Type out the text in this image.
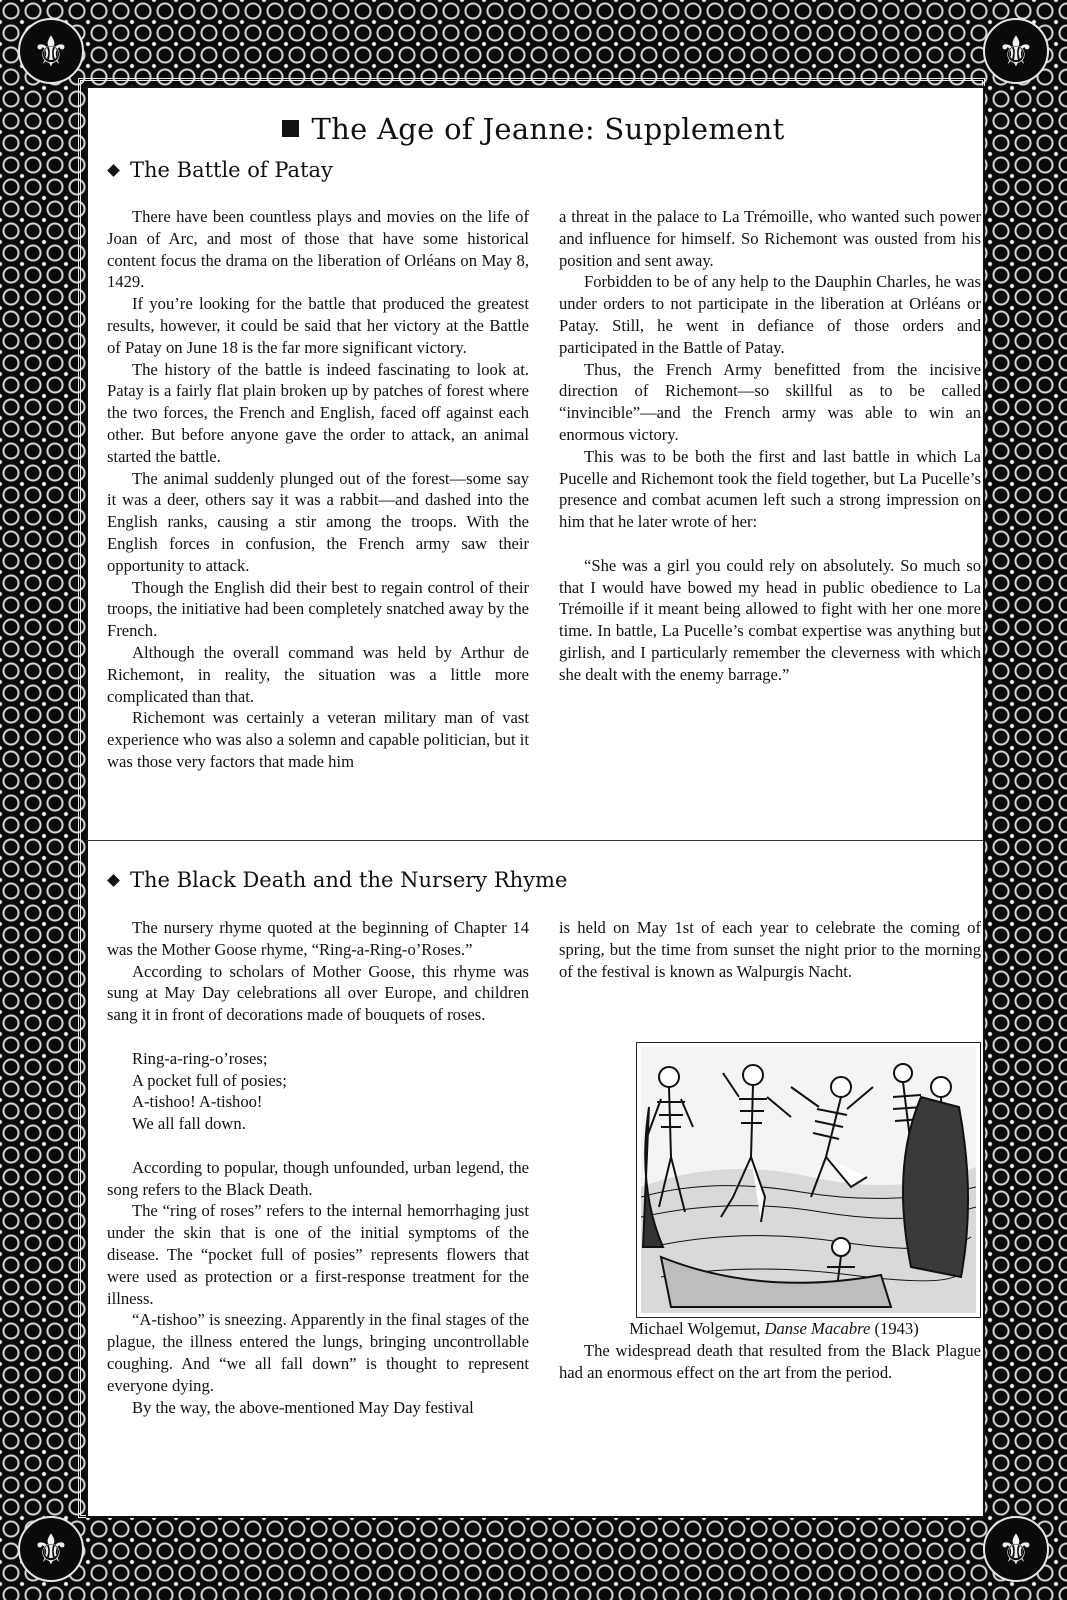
⚜	⚜
⚜	⚜
The Age of Jeanne: Supplement
The Battle of Patay

There have been countless plays and movies on the life of Joan of Arc, and most of those that have some historical content focus the drama on the liberation of Orléans on May 8, 1429.

If you’re looking for the battle that produced the greatest results, however, it could be said that her victory at the Battle of Patay on June 18 is the far more significant victory.

The history of the battle is indeed fascinating to look at. Patay is a fairly flat plain broken up by patches of forest where the two forces, the French and English, faced off against each other. But before anyone gave the order to attack, an animal started the battle.

The animal suddenly plunged out of the forest—some say it was a deer, others say it was a rabbit—and dashed into the English ranks, causing a stir among the troops. With the English forces in confusion, the French army saw their opportunity to attack.

Though the English did their best to regain control of their troops, the initiative had been completely snatched away by the French.

Although the overall command was held by Arthur de Richemont, in reality, the situation was a little more complicated than that.

Richemont was certainly a veteran military man of vast experience who was also a solemn and capable politician, but it was those very factors that made him

a threat in the palace to La Trémoille, who wanted such power and influence for himself. So Richemont was ousted from his position and sent away.

Forbidden to be of any help to the Dauphin Charles, he was under orders to not participate in the liberation at Orléans or Patay. Still, he went in defiance of those orders and participated in the Battle of Patay.

Thus, the French Army benefitted from the incisive direction of Richemont—so skillful as to be called “invincible”—and the French army was able to win an enormous victory.

This was to be both the first and last battle in which La Pucelle and Richemont took the field together, but La Pucelle’s presence and combat acumen left such a strong impression on him that he later wrote of her:

“She was a girl you could rely on absolutely. So much so that I would have bowed my head in public obedience to La Trémoille if it meant being allowed to fight with her one more time. In battle, La Pucelle’s combat expertise was anything but girlish, and I particularly remember the cleverness with which she dealt with the enemy barrage.”

The Black Death and the Nursery Rhyme

The nursery rhyme quoted at the beginning of Chapter 14 was the Mother Goose rhyme, “Ring-a-Ring-o’Roses.”

According to scholars of Mother Goose, this rhyme was sung at May Day celebrations all over Europe, and children sang it in front of decorations made of bouquets of roses.

Ring-a-ring-o’roses;
A pocket full of posies;
A-tishoo! A-tishoo!
We all fall down.

According to popular, though unfounded, urban legend, the song refers to the Black Death.

The “ring of roses” refers to the internal hemorrhaging just under the skin that is one of the initial symptoms of the disease. The “pocket full of posies” represents flowers that were used as protection or a first-response treatment for the illness.

“A-tishoo” is sneezing. Apparently in the final stages of the plague, the illness entered the lungs, bringing uncontrollable coughing. And “we all fall down” is thought to represent everyone dying.

By the way, the above-mentioned May Day festival

is held on May 1st of each year to celebrate the coming of spring, but the time from sunset the night prior to the morning of the festival is known as Walpurgis Nacht.

Michael Wolgemut, Danse Macabre (1943)

The widespread death that resulted from the Black Plague had an enormous effect on the art from the period.
